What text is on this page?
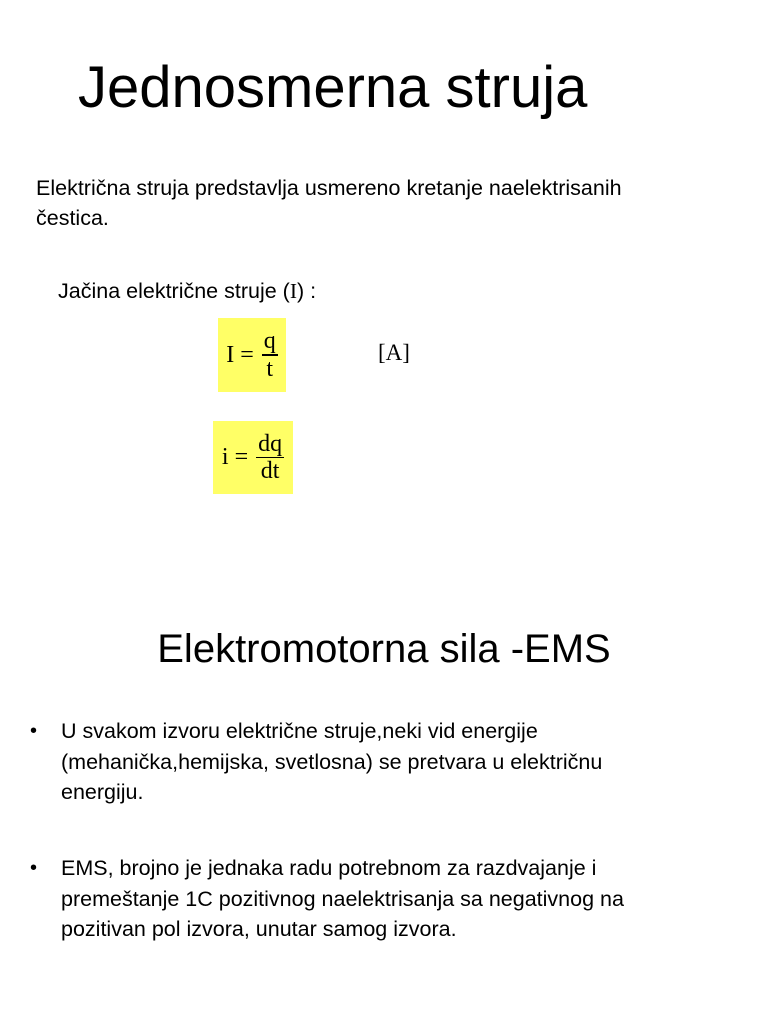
Jednosmerna struja
Električna struja predstavlja usmereno kretanje naelektrisanih
čestica.
Jačina električne struje (I) :
$I = \frac{q}{t}$	[A]
$i = \frac{dq}{dt}$
Elektromotorna sila -EMS
• U svakom izvoru električne struje,neki vid energije
(mehanička,hemijska, svetlosna) se pretvara u električnu
energiju.
• EMS, brojno je jednaka radu potrebnom za razdvajanje i
premeštanje 1C pozitivnog naelektrisanja sa negativnog na
pozitivan pol izvora, unutar samog izvora.
